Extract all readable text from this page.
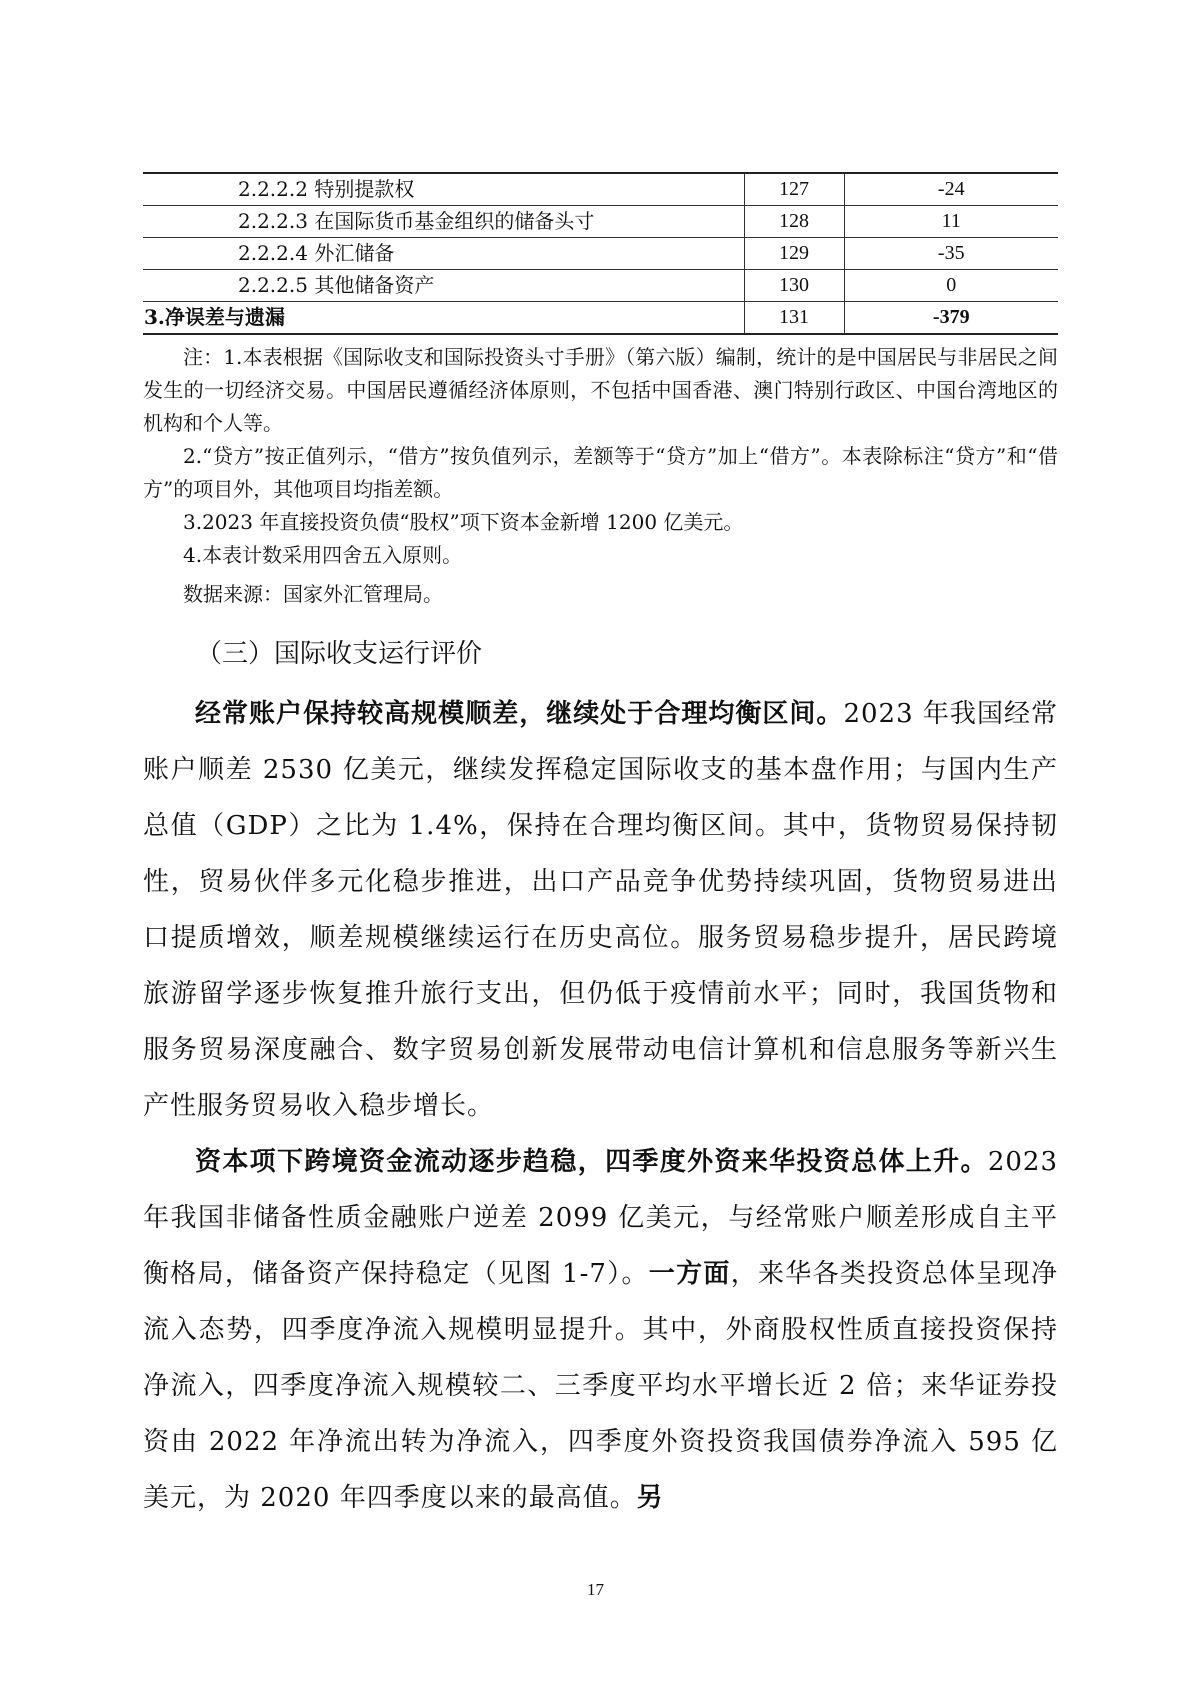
2.2.2.2 特别提款权	127	-24
2.2.2.3 在国际货币基金组织的储备头寸	128	11
2.2.2.4 外汇储备	129	-35
2.2.2.5 其他储备资产	130	0
3.净误差与遗漏	131	-379

注：1.本表根据《国际收支和国际投资头寸手册》（第六版）编制，统计的是中国居民与非居民之间发生的一切经济交易。中国居民遵循经济体原则，不包括中国香港、澳门特别行政区、中国台湾地区的机构和个人等。

2.“贷方”按正值列示，“借方”按负值列示，差额等于“贷方”加上“借方”。本表除标注“贷方”和“借方”的项目外，其他项目均指差额。

3.2023 年直接投资负债“股权”项下资本金新增 1200 亿美元。

4.本表计数采用四舍五入原则。

数据来源：国家外汇管理局。

（三）国际收支运行评价

经常账户保持较高规模顺差，继续处于合理均衡区间。2023 年我国经常账户顺差 2530 亿美元，继续发挥稳定国际收支的基本盘作用；与国内生产总值（GDP）之比为 1.4%，保持在合理均衡区间。其中，货物贸易保持韧性，贸易伙伴多元化稳步推进，出口产品竞争优势持续巩固，货物贸易进出口提质增效，顺差规模继续运行在历史高位。服务贸易稳步提升，居民跨境旅游留学逐步恢复推升旅行支出，但仍低于疫情前水平；同时，我国货物和服务贸易深度融合、数字贸易创新发展带动电信计算机和信息服务等新兴生产性服务贸易收入稳步增长。

资本项下跨境资金流动逐步趋稳，四季度外资来华投资总体上升。2023 年我国非储备性质金融账户逆差 2099 亿美元，与经常账户顺差形成自主平衡格局，储备资产保持稳定（见图 1-7）。一方面，来华各类投资总体呈现净流入态势，四季度净流入规模明显提升。其中，外商股权性质直接投资保持净流入，四季度净流入规模较二、三季度平均水平增长近 2 倍；来华证券投资由 2022 年净流出转为净流入，四季度外资投资我国债券净流入 595 亿美元，为 2020 年四季度以来的最高值。另

17
